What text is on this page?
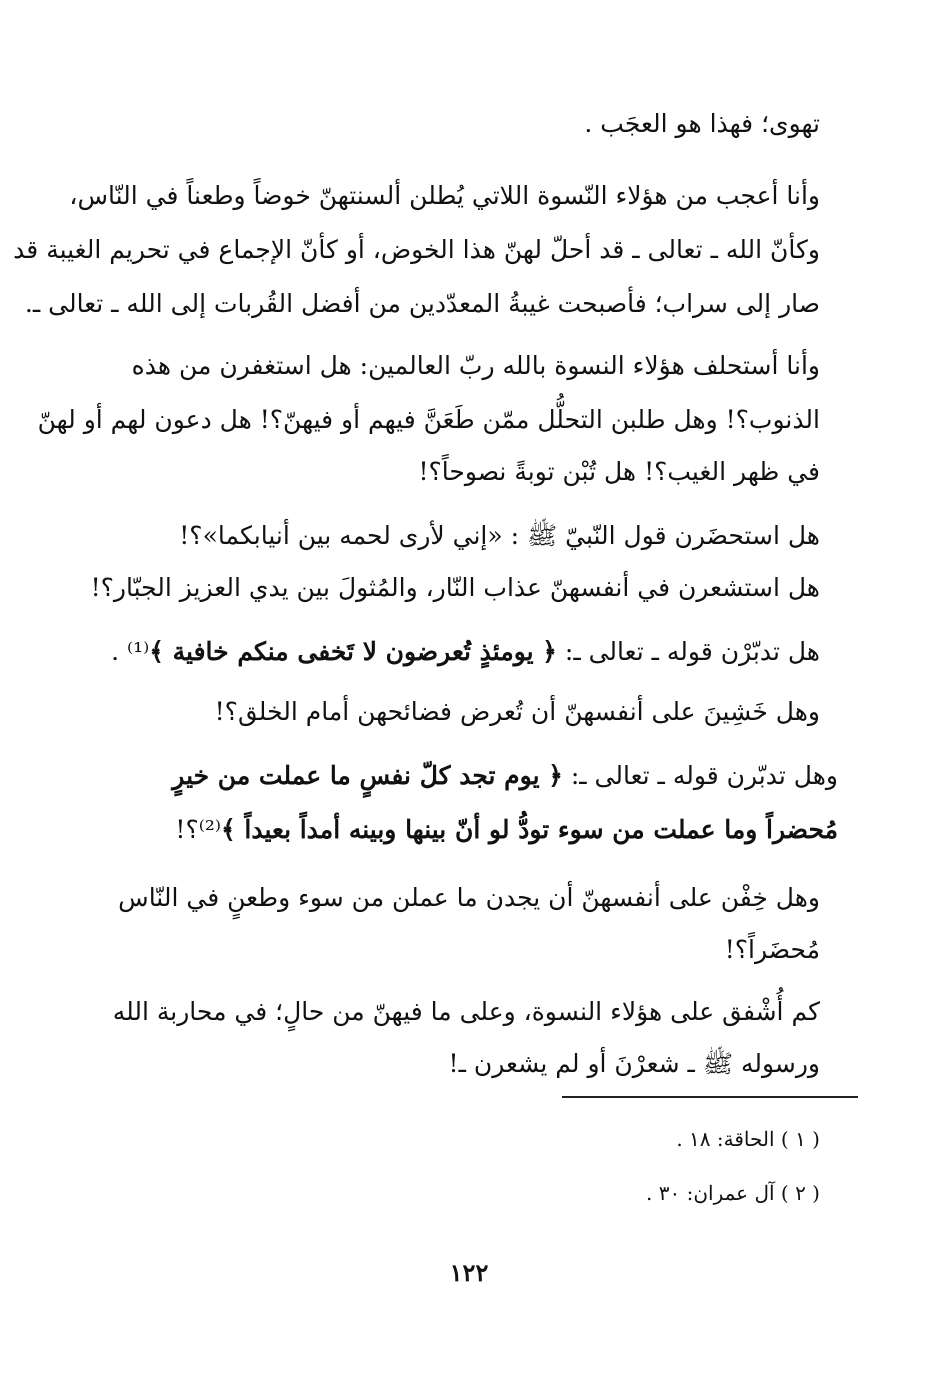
تهوى؛ فهذا هو العجَب .
وأنا أعجب من هؤلاء النّسوة اللاتي يُطلن ألسنتهنّ خوضاً وطعناً في النّاس،
وكأنّ الله ـ تعالى ـ قد أحلّ لهنّ هذا الخوض، أو كأنّ الإجماع في تحريم الغيبة قد
صار إلى سراب؛ فأصبحت غيبةُ المعدّدين من أفضل القُربات إلى الله ـ تعالى ـ.
وأنا أستحلف هؤلاء النسوة بالله ربّ العالمين: هل استغفرن من هذه
الذنوب؟! وهل طلبن التحلُّل ممّن طَعَنَّ فيهم أو فيهنّ؟! هل دعون لهم أو لهنّ
في ظهر الغيب؟! هل تُبْن توبةً نصوحاً؟!
هل استحضَرن قول النّبيّ ﷺ : «إني لأرى لحمه بين أنيابكما»؟!
هل استشعرن في أنفسهنّ عذاب النّار، والمُثولَ بين يدي العزيز الجبّار؟!
هل تدبّرْن قوله ـ تعالى ـ: ﴿ يومئذٍ تُعرضون لا تَخفى منكم خافية ﴾⁽¹⁾ .
وهل خَشِينَ على أنفسهنّ أن تُعرض فضائحهن أمام الخلق؟!
وهل تدبّرن قوله ـ تعالى ـ: ﴿ يوم تجد كلّ نفسٍ ما عملت من خيرٍ
مُحضراً وما عملت من سوء تودُّ لو أنّ بينها وبينه أمداً بعيداً ﴾⁽²⁾؟!
وهل خِفْن على أنفسهنّ أن يجدن ما عملن من سوء وطعنٍ في النّاس
مُحضَراً؟!
كم أُشْفق على هؤلاء النسوة، وعلى ما فيهنّ من حالٍ؛ في محاربة الله
ورسوله ﷺ ـ شعرْنَ أو لم يشعرن ـ!
( ١ ) الحاقة: ١٨ .
( ٢ ) آل عمران: ٣٠ .
١٢٢
